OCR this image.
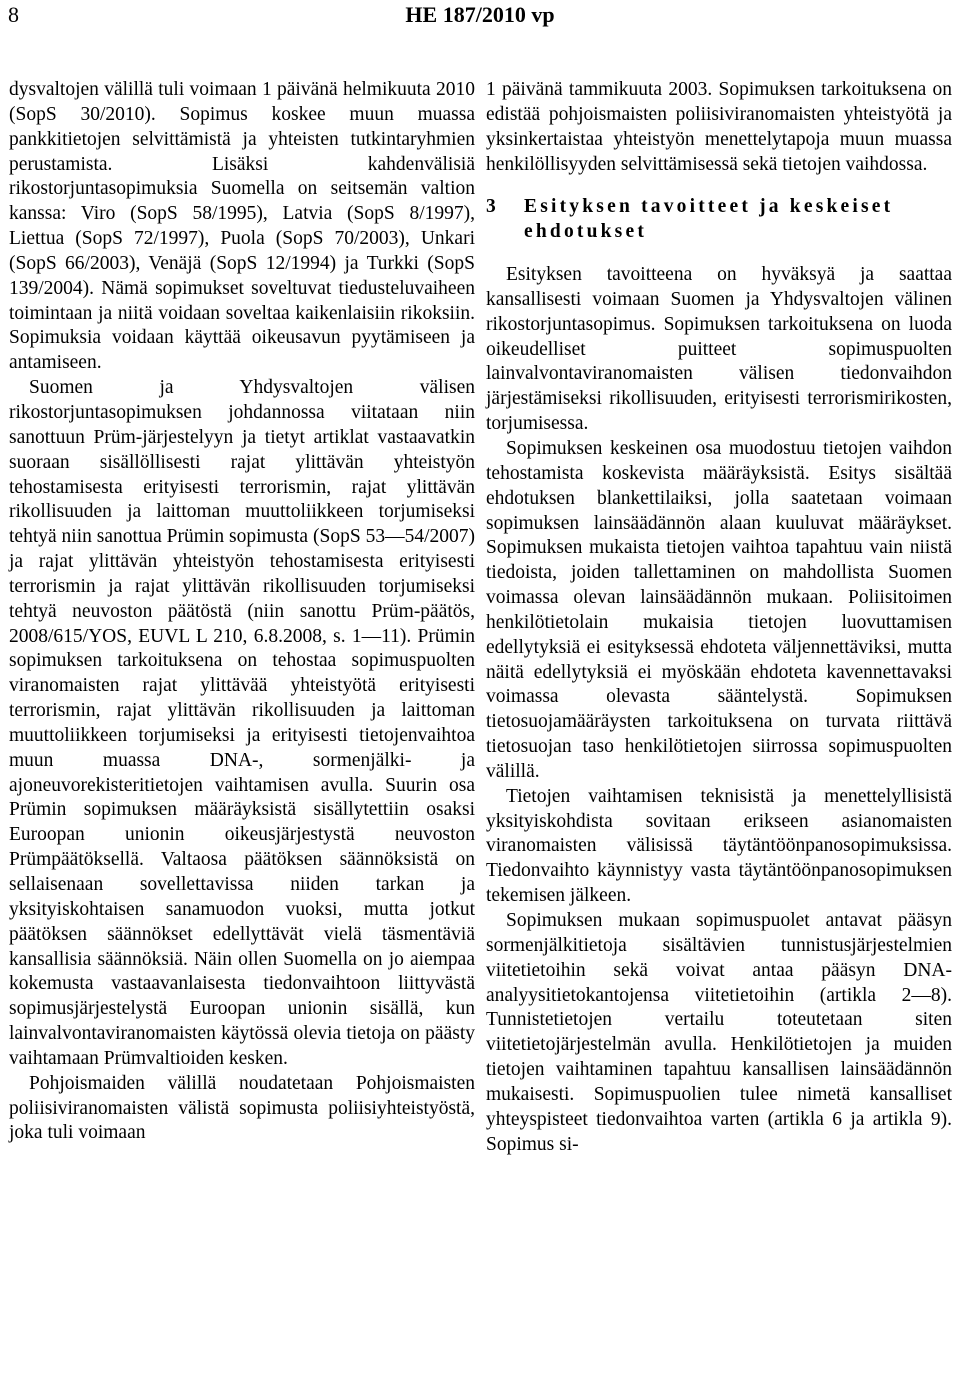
8	HE 187/2010 vp

dysvaltojen välillä tuli voimaan 1 päivänä helmikuuta 2010 (SopS 30/2010). Sopimus koskee muun muassa pankkitietojen selvittämistä ja yhteisten tutkintaryhmien perustamista. Lisäksi kahdenvälisiä rikostorjuntasopimuksia Suomella on seitsemän valtion kanssa: Viro (SopS 58/1995), Latvia (SopS 8/1997), Liettua (SopS 72/1997), Puola (SopS 70/2003), Unkari (SopS 66/2003), Venäjä (SopS 12/1994) ja Turkki (SopS 139/2004). Nämä sopimukset soveltuvat tiedusteluvaiheen toimintaan ja niitä voidaan soveltaa kaikenlaisiin rikoksiin. Sopimuksia voidaan käyttää oikeusavun pyytämiseen ja antamiseen.

Suomen ja Yhdysvaltojen välisen rikostorjuntasopimuksen johdannossa viitataan niin sanottuun Prüm-järjestelyyn ja tietyt artiklat vastaavatkin suoraan sisällöllisesti rajat ylittävän yhteistyön tehostamisesta erityisesti terrorismin, rajat ylittävän rikollisuuden ja laittoman muuttoliikkeen torjumiseksi tehtyä niin sanottua Prümin sopimusta (SopS 53—54/2007) ja rajat ylittävän yhteistyön tehostamisesta erityisesti terrorismin ja rajat ylittävän rikollisuuden torjumiseksi tehtyä neuvoston päätöstä (niin sanottu Prüm-päätös, 2008/615/YOS, EUVL L 210, 6.8.2008, s. 1—11). Prümin sopimuksen tarkoituksena on tehostaa sopimuspuolten viranomaisten rajat ylittävää yhteistyötä erityisesti terrorismin, rajat ylittävän rikollisuuden ja laittoman muuttoliikkeen torjumiseksi ja erityisesti tietojenvaihtoa muun muassa DNA-, sormenjälki- ja ajoneuvorekisteritietojen vaihtamisen avulla. Suurin osa Prümin sopimuksen määräyksistä sisällytettiin osaksi Euroopan unionin oikeusjärjestystä neuvoston Prümpäätöksellä. Valtaosa päätöksen säännöksistä on sellaisenaan sovellettavissa niiden tarkan ja yksityiskohtaisen sanamuodon vuoksi, mutta jotkut päätöksen säännökset edellyttävät vielä täsmentäviä kansallisia säännöksiä. Näin ollen Suomella on jo aiempaa kokemusta vastaavanlaisesta tiedonvaihtoon liittyvästä sopimusjärjestelystä Euroopan unionin sisällä, kun lainvalvontaviranomaisten käytössä olevia tietoja on päästy vaihtamaan Prümvaltioiden kesken.

Pohjoismaiden välillä noudatetaan Pohjoismaisten poliisiviranomaisten välistä sopimusta poliisiyhteistyöstä, joka tuli voimaan

1 päivänä tammikuuta 2003. Sopimuksen tarkoituksena on edistää pohjoismaisten poliisiviranomaisten yhteistyötä ja yksinkertaistaa yhteistyön menettelytapoja muun muassa henkilöllisyyden selvittämisessä sekä tietojen vaihdossa.

3	Esityksen tavoitteet ja keskeiset ehdotukset

Esityksen tavoitteena on hyväksyä ja saattaa kansallisesti voimaan Suomen ja Yhdysvaltojen välinen rikostorjuntasopimus. Sopimuksen tarkoituksena on luoda oikeudelliset puitteet sopimuspuolten lainvalvontaviranomaisten välisen tiedonvaihdon järjestämiseksi rikollisuuden, erityisesti terrorismirikosten, torjumisessa.

Sopimuksen keskeinen osa muodostuu tietojen vaihdon tehostamista koskevista määräyksistä. Esitys sisältää ehdotuksen blankettilaiksi, jolla saatetaan voimaan sopimuksen lainsäädännön alaan kuuluvat määräykset. Sopimuksen mukaista tietojen vaihtoa tapahtuu vain niistä tiedoista, joiden tallettaminen on mahdollista Suomen voimassa olevan lainsäädännön mukaan. Poliisitoimen henkilötietolain mukaisia tietojen luovuttamisen edellytyksiä ei esityksessä ehdoteta väljennettäviksi, mutta näitä edellytyksiä ei myöskään ehdoteta kavennettavaksi voimassa olevasta sääntelystä. Sopimuksen tietosuojamääräysten tarkoituksena on turvata riittävä tietosuojan taso henkilötietojen siirrossa sopimuspuolten välillä.

Tietojen vaihtamisen teknisistä ja menettelyllisistä yksityiskohdista sovitaan erikseen asianomaisten viranomaisten välisissä täytäntöönpanosopimuksissa. Tiedonvaihto käynnistyy vasta täytäntöönpanosopimuksen tekemisen jälkeen.

Sopimuksen mukaan sopimuspuolet antavat pääsyn sormenjälkitietoja sisältävien tunnistusjärjestelmien viitetietoihin sekä voivat antaa pääsyn DNA-analyysitietokantojensa viitetietoihin (artikla 2—8). Tunnistetietojen vertailu toteutetaan siten viitetietojärjestelmän avulla. Henkilötietojen ja muiden tietojen vaihtaminen tapahtuu kansallisen lainsäädännön mukaisesti. Sopimuspuolien tulee nimetä kansalliset yhteyspisteet tiedonvaihtoa varten (artikla 6 ja artikla 9). Sopimus si-
